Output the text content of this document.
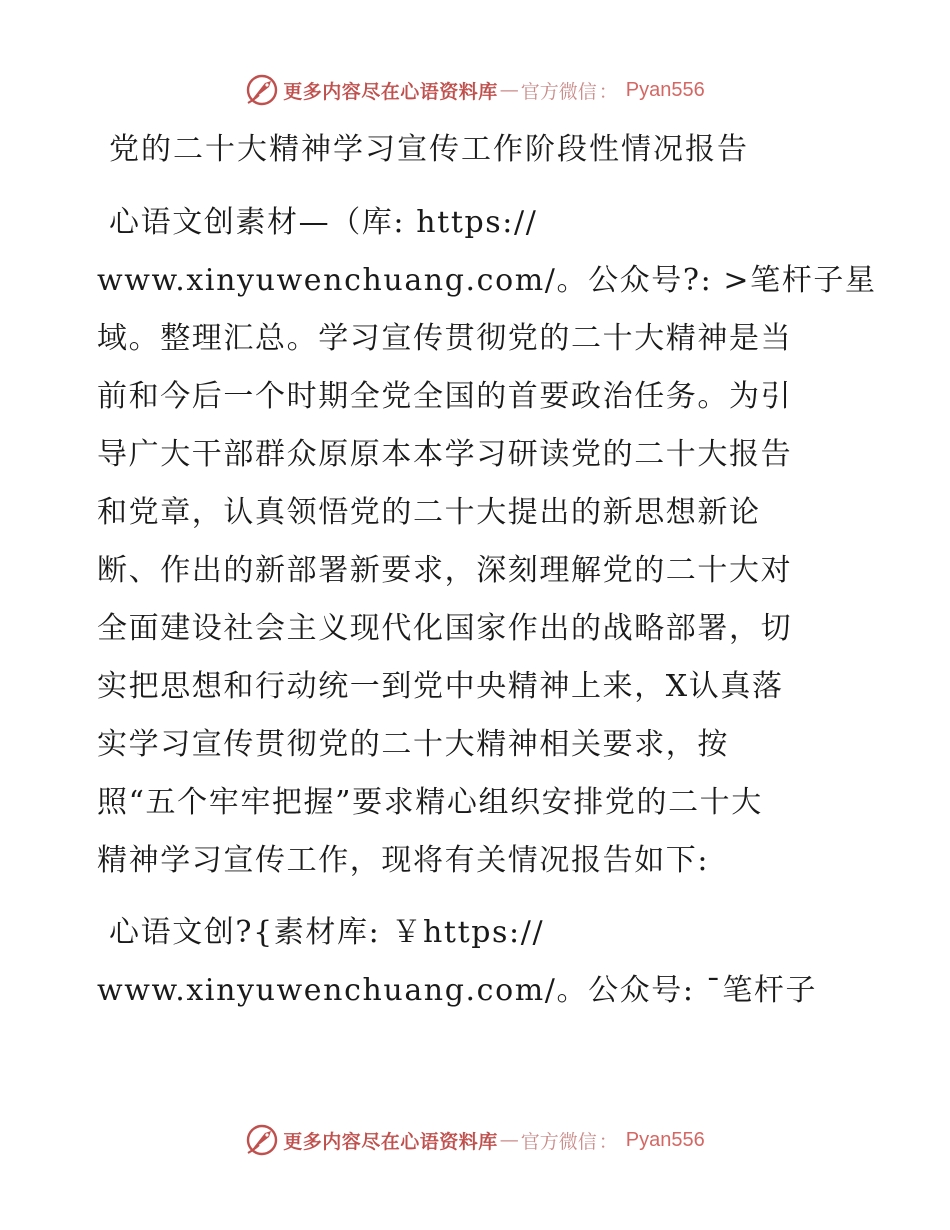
更多内容尽在心语资料库 — 官方微信 ： Pyan556
党的二十大精神学习宣传工作阶段性情况报告
心语文创素材—（库: https://
www.xinyuwenchuang.com/。公众号?: >笔杆子星
域。整理汇总。学习宣传贯彻党的二十大精神是当
前和今后一个时期全党全国的首要政治任务。为引
导广大干部群众原原本本学习研读党的二十大报告
和党章，认真领悟党的二十大提出的新思想新论
断、作出的新部署新要求，深刻理解党的二十大对
全面建设社会主义现代化国家作出的战略部署，切
实把思想和行动统一到党中央精神上来，X认真落
实学习宣传贯彻党的二十大精神相关要求，按
照“五个牢牢把握”要求精心组织安排党的二十大
精神学习宣传工作，现将有关情况报告如下:
心语文创?{素材库: ￥https://
www.xinyuwenchuang.com/。公众号: ¯笔杆子
更多内容尽在心语资料库 — 官方微信 ： Pyan556
